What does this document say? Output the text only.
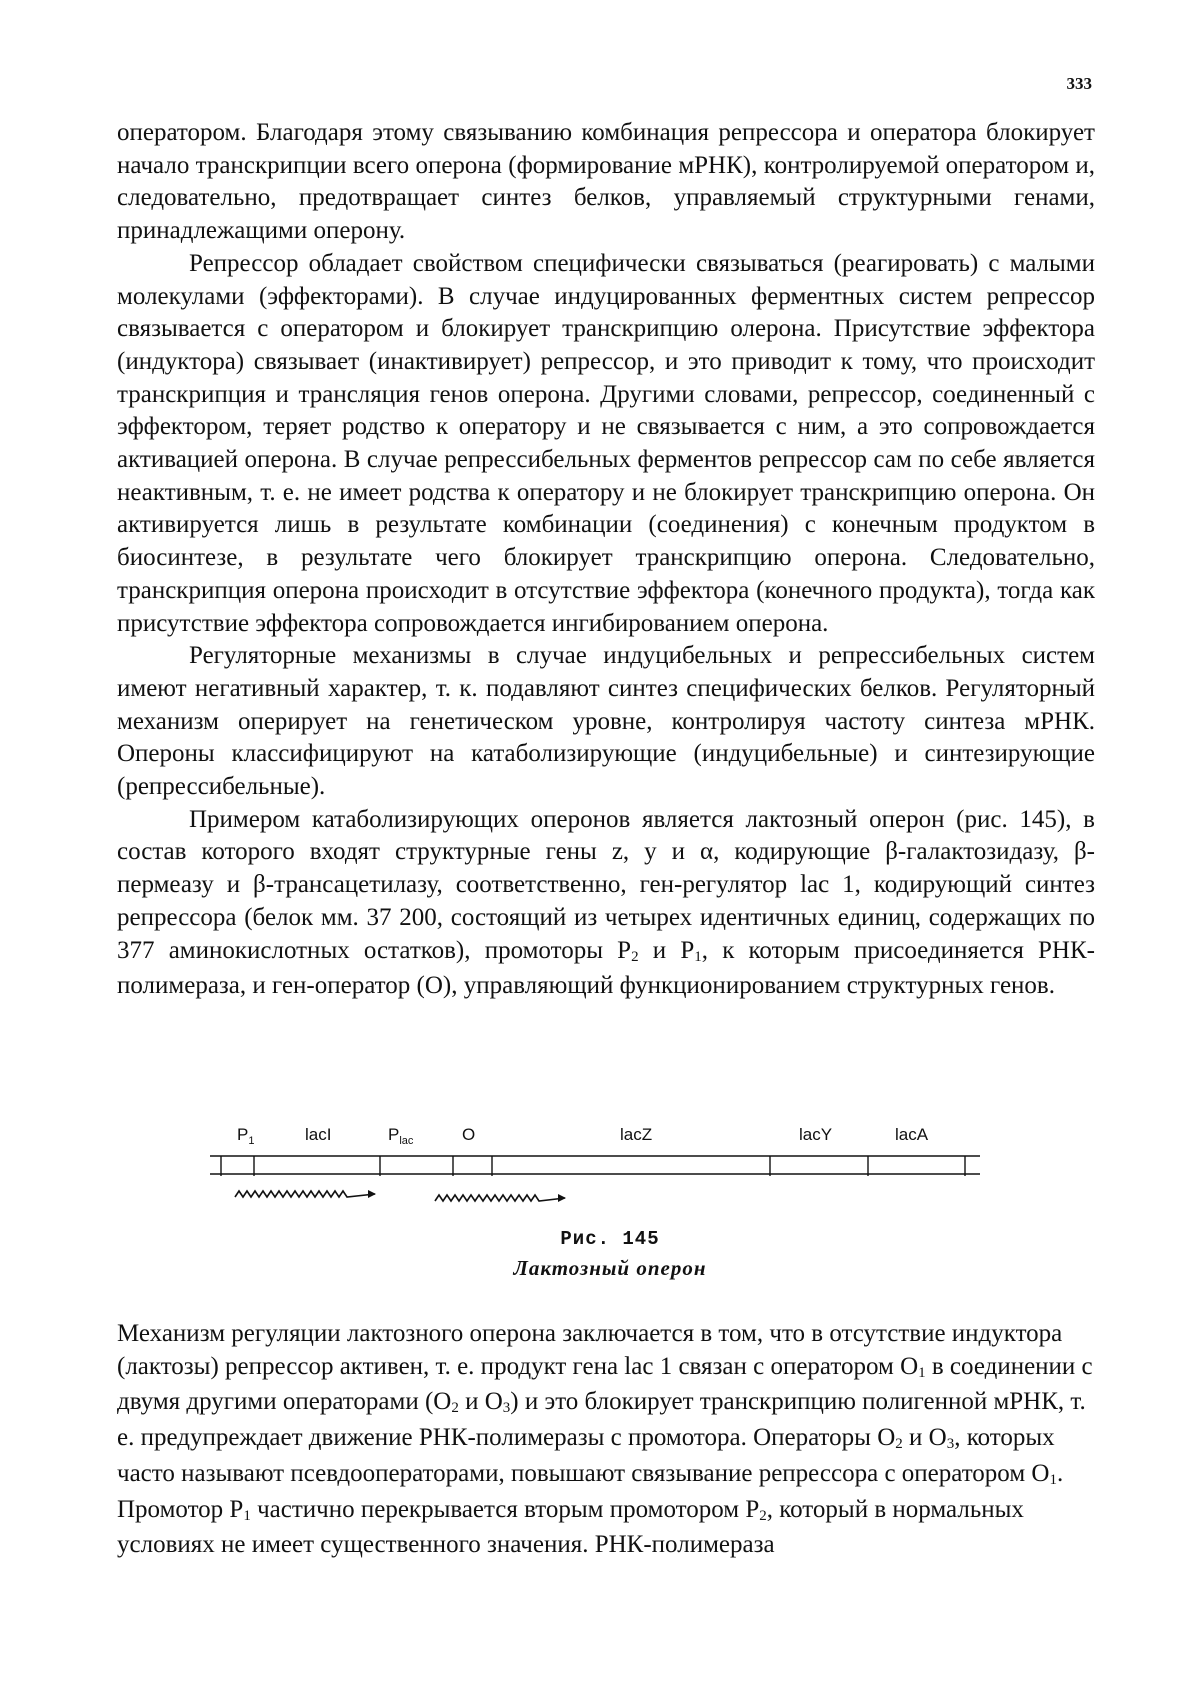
333

оператором. Благодаря этому связыванию комбинация репрессора и оператора блокирует начало транскрипции всего оперона (формирование мРНК), контролируемой оператором и, следовательно, предотвращает синтез белков, управляемый структурными генами, принадлежащими оперону.

Репрессор обладает свойством специфически связываться (реагировать) с малыми молекулами (эффекторами). В случае индуцированных ферментных систем репрессор связывается с оператором и блокирует транскрипцию олерона. Присутствие эффектора (индуктора) связывает (инактивирует) репрессор, и это приводит к тому, что происходит транскрипция и трансляция генов оперона. Другими словами, репрессор, соединенный с эффектором, теряет родство к оператору и не связывается с ним, а это сопровождается активацией оперона. В случае репрессибельных ферментов репрессор сам по себе является неактивным, т. е. не имеет родства к оператору и не блокирует транскрипцию оперона. Он активируется лишь в результате комбинации (соединения) с конечным продуктом в биосинтезе, в результате чего блокирует транскрипцию оперона. Следовательно, транскрипция оперона происходит в отсутствие эффектора (конечного продукта), тогда как присутствие эффектора сопровождается ингибированием оперона.

Регуляторные механизмы в случае индуцибельных и репрессибельных систем имеют негативный характер, т. к. подавляют синтез специфических белков. Регуляторный механизм оперирует на генетическом уровне, контролируя частоту синтеза мРНК. Опероны классифицируют на катаболизирующие (индуцибельные) и синтезирующие (репрессибельные).

Примером катаболизирующих оперонов является лактозный оперон (рис. 145), в состав которого входят структурные гены z, у и α, кодирующие β-галактозидазу, β-пермеазу и β-трансацетилазу, соответственно, ген-регулятор lac 1, кодирующий синтез репрессора (белок мм. 37 200, состоящий из четырех идентичных единиц, содержащих по 377 аминокислотных остатков), промоторы $P_2$ и $P_1$, к которым присоединяется РНК-полимераза, и ген-оператор (O), управляющий функционированием структурных генов.

$P_1$	lacI	$P_{lac}$	O	lacZ	lacY	lacA
Рис. 145
Лактозный оперон

Механизм регуляции лактозного оперона заключается в том, что в отсутствие индуктора (лактозы) репрессор активен, т. е. продукт гена lac 1 связан с оператором $O_1$ в соединении с двумя другими операторами ($O_2$ и $O_3$) и это блокирует транскрипцию полигенной мРНК, т. е. предупреждает движение РНК-полимеразы с промотора. Операторы $O_2$ и $O_3$, которых часто называют псевдооператорами, повышают связывание репрессора с оператором $O_1$. Промотор $P_1$ частично перекрывается вторым промотором $P_2$, который в нормальных условиях не имеет существенного значения. РНК-полимераза
